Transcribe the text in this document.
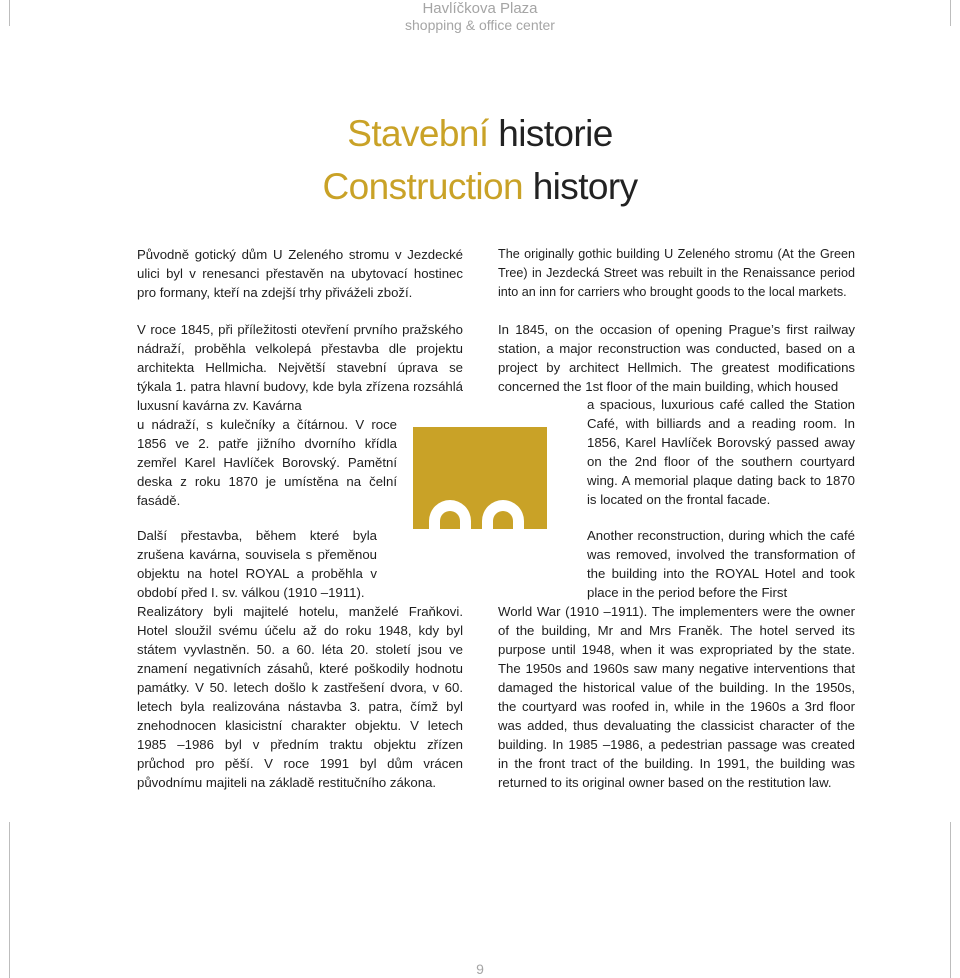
Havlíčkova Plaza
shopping & office center
Stavební historie
Construction history

Původně gotický dům U Zeleného stromu v Jezdecké ulici byl v renesanci přestavěn na ubytovací hostinec pro formany, kteří na zdejší trhy přiváželi zboží.

V roce 1845, při příležitosti otevření prvního pražského nádraží, proběhla velkolepá přestavba dle projektu architekta Hellmicha. Největší stavební úprava se týkala 1. patra hlavní budovy, kde byla zřízena rozsáhlá luxusní kavárna zv. Kavárna

u nádraží, s kulečníky a čítárnou. V roce 1856 ve 2. patře jižního dvorního křídla zemřel Karel Havlíček Borovský. Pamětní deska z roku 1870 je umístěna na čelní fasádě.

Další přestavba, během které byla zrušena kavárna, souvisela s přeměnou objektu na hotel ROYAL a proběhla v období před I. sv. válkou (1910 –1911).

Realizátory byli majitelé hotelu, manželé Fraňkovi. Hotel sloužil svému účelu až do roku 1948, kdy byl státem vyvlastněn. 50. a 60. léta 20. století jsou ve znamení negativních zásahů, které poškodily hodnotu památky. V 50. letech došlo k zastřešení dvora, v 60. letech byla realizována nástavba 3. patra, čímž byl znehodnocen klasicistní charakter objektu. V letech 1985 –1986 byl v předním traktu objektu zřízen průchod pro pěší. V roce 1991 byl dům vrácen původnímu majiteli na základě restitučního zákona.

The originally gothic building U Zeleného stromu (At the Green Tree) in Jezdecká Street was rebuilt in the Renaissance period into an inn for carriers who brought goods to the local markets.

In 1845, on the occasion of opening Prague’s first railway station, a major reconstruction was conducted, based on a project by architect Hellmich. The greatest modifications concerned the 1st floor of the main building, which housed

a spacious, luxurious café called the Station Café, with billiards and a reading room. In 1856, Karel Havlíček Borovský passed away on the 2nd floor of the southern courtyard wing. A memorial plaque dating back to 1870 is located on the frontal facade.

Another reconstruction, during which the café was removed, involved the transformation of the building into the ROYAL Hotel and took place in the period before the First

World War (1910 –1911). The implementers were the owner of the building, Mr and Mrs Franěk. The hotel served its purpose until 1948, when it was expropriated by the state. The 1950s and 1960s saw many negative interventions that damaged the historical value of the building. In the 1950s, the courtyard was roofed in, while in the 1960s a 3rd floor was added, thus devaluating the classicist character of the building. In 1985 –1986, a pedestrian passage was created in the front tract of the building. In 1991, the building was returned to its original owner based on the restitution law.

9
